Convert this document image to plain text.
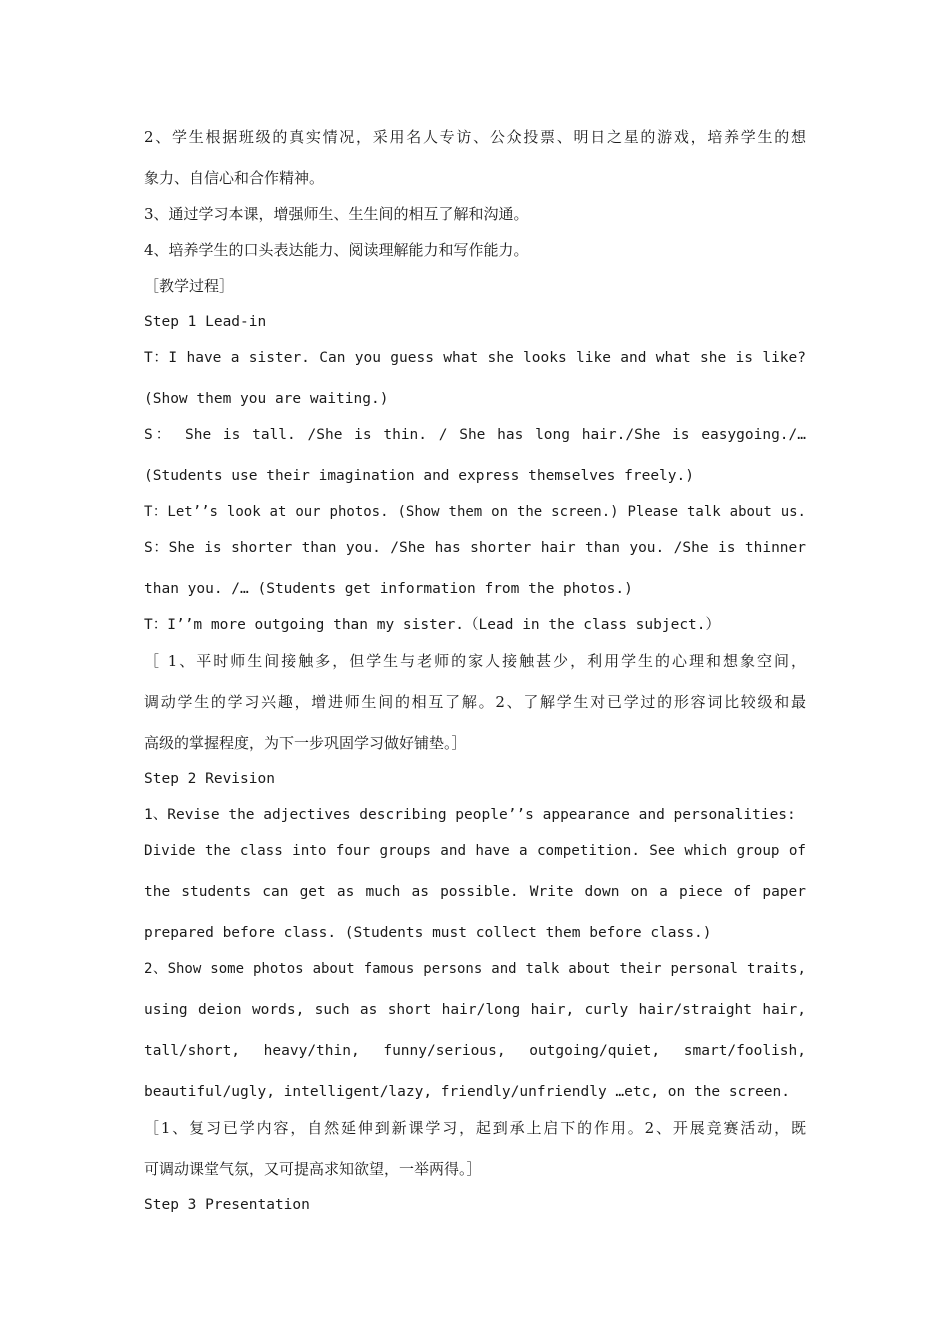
2、学生根据班级的真实情况，采用名人专访、公众投票、明日之星的游戏，培养学生的想

象力、自信心和合作精神。

3、通过学习本课，增强师生、生生间的相互了解和沟通。

4、培养学生的口头表达能力、阅读理解能力和写作能力。

［教学过程］

Step 1 Lead-in

T：I have a sister. Can you guess what she looks like and what she is like?

(Show them you are waiting.)

S： She is tall. /She is thin. / She has long hair./She is easygoing./…

(Students use their imagination and express themselves freely.)

T：Let’’s look at our photos. (Show them on the screen.) Please talk about us.

S：She is shorter than you. /She has shorter hair than you. /She is thinner

than you. /… (Students get information from the photos.)

T：I’’m more outgoing than my sister.（Lead in the class subject.）

［ 1、平时师生间接触多，但学生与老师的家人接触甚少，利用学生的心理和想象空间，

调动学生的学习兴趣，增进师生间的相互了解。2、了解学生对已学过的形容词比较级和最

高级的掌握程度，为下一步巩固学习做好铺垫。］

Step 2 Revision

1、Revise the adjectives describing people’’s appearance and personalities:

Divide the class into four groups and have a competition. See which group of

the students can get as much as possible. Write down on a piece of paper

prepared before class. (Students must collect them before class.)

2、Show some photos about famous persons and talk about their personal traits,

using deion words, such as short hair/long hair, curly hair/straight hair,

tall/short, heavy/thin, funny/serious, outgoing/quiet, smart/foolish,

beautiful/ugly, intelligent/lazy, friendly/unfriendly …etc, on the screen.

［1、复习已学内容，自然延伸到新课学习，起到承上启下的作用。2、开展竞赛活动，既

可调动课堂气氛，又可提高求知欲望，一举两得。］

Step 3 Presentation
